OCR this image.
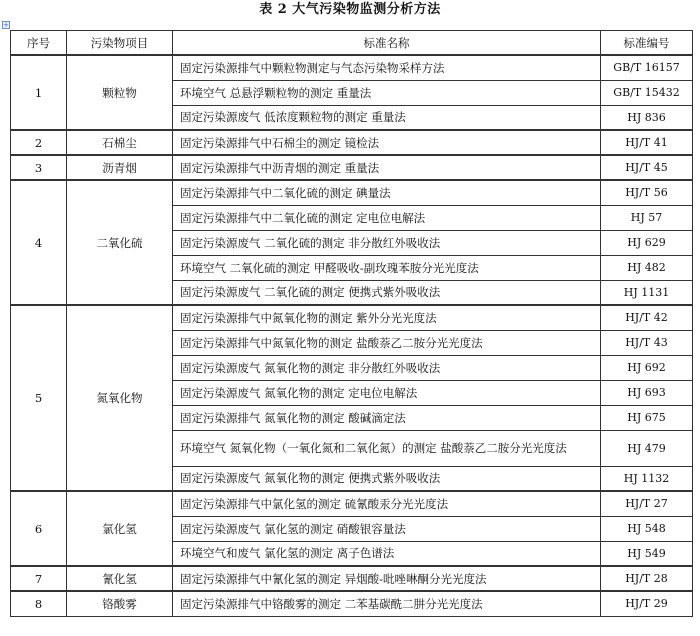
表 2 大气污染物监测分析方法
+
序号	污染物项目	标准名称	标准编号
1	颗粒物	固定污染源排气中颗粒物测定与气态污染物采样方法	GB/T 16157
		环境空气 总悬浮颗粒物的测定 重量法	GB/T 15432
		固定污染源废气 低浓度颗粒物的测定 重量法	HJ 836
2	石棉尘	固定污染源排气中石棉尘的测定 镜检法	HJ/T 41
3	沥青烟	固定污染源排气中沥青烟的测定 重量法	HJ/T 45
4	二氧化硫	固定污染源排气中二氧化硫的测定 碘量法	HJ/T 56
		固定污染源排气中二氧化硫的测定 定电位电解法	HJ 57
		固定污染源废气 二氧化硫的测定 非分散红外吸收法	HJ 629
		环境空气 二氧化硫的测定 甲醛吸收-副玫瑰苯胺分光光度法	HJ 482
		固定污染源废气 二氧化硫的测定 便携式紫外吸收法	HJ 1131
5	氮氧化物	固定污染源排气中氮氧化物的测定 紫外分光光度法	HJ/T 42
		固定污染源排气中氮氧化物的测定 盐酸萘乙二胺分光光度法	HJ/T 43
		固定污染源废气 氮氧化物的测定 非分散红外吸收法	HJ 692
		固定污染源废气 氮氧化物的测定 定电位电解法	HJ 693
		固定污染源排气 氮氧化物的测定 酸碱滴定法	HJ 675
		环境空气 氮氧化物（一氧化氮和二氧化氮）的测定 盐酸萘乙二胺分光光度法	HJ 479
		固定污染源废气 氮氧化物的测定 便携式紫外吸收法	HJ 1132
6	氯化氢	固定污染源排气中氯化氢的测定 硫氰酸汞分光光度法	HJ/T 27
		固定污染源废气 氯化氢的测定 硝酸银容量法	HJ 548
		环境空气和废气 氯化氢的测定 离子色谱法	HJ 549
7	氰化氢	固定污染源排气中氰化氢的测定 异烟酸-吡唑啉酮分光光度法	HJ/T 28
8	铬酸雾	固定污染源排气中铬酸雾的测定 二苯基碳酰二肼分光光度法	HJ/T 29
